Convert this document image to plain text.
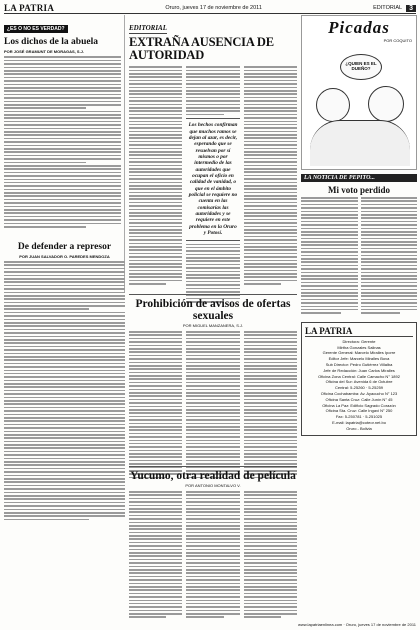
LA PATRIA	Oruro, jueves 17 de noviembre de 2011	EDITORIAL	3
¿ES O NO ES VERDAD?
Los dichos de la abuela
POR JOSÉ GRAMUNT DE MORAGAS, S.J.
De defender a represor
POR JUAN SALVADOR O. PAREDES MENDOZA
EDITORIAL
EXTRAÑA AUSENCIA DE AUTORIDAD
Los hechos confirman que muchos ramos se dejan al azar, es decir, esperando que se resuelvan por sí mismos o por intermedio de las autoridades que ocupan el oficio en calidad de vanidad, o que en el ámbito policial se requiere no cuenta en las comisarías las autoridades y se requiere en este problema en la Oruro y Potosí.
Picadas
POR COQUITO
¿QUIEN ES EL DUEÑO?
LA NOTICIA DE PEPITO...
Mi voto perdido
LA PATRIA
Directora: Gerente
Mirtha Gonzales Salinas
Gerente General: Marcelo Miralles Iporre
Editor Jefe: Marcelo Miralles Bova
Sub Director: Pedro Gutiérrez Villalba
Jefe de Redacción: Juan Carlos Miralles
Oficina Zona Central: Calle Camacho N° 1892
Oficina del Sur: Avenida 6 de Octubre
Central: 5-25260 · 5-25259
Oficina Cochabamba: Av. Ayacucho N° 123
Oficina Santa Cruz: Calle Junín N° 45
Oficina La Paz: Edificio Sagrado Corazón
Oficina Sta. Cruz: Calle Ingavi N° 250
Fax: 5-250781 · 5-251025
E-mail: lapatria@coteor.net.bo
Oruro - Bolivia
Prohibición de avisos de ofertas sexuales
POR MIGUEL MANZANERA, S.J.
Yucumo, otra realidad de película
POR ANTONIO MONTALVO V.
www.lapatriaenlinea.com · Oruro, jueves 17 de noviembre de 2011
